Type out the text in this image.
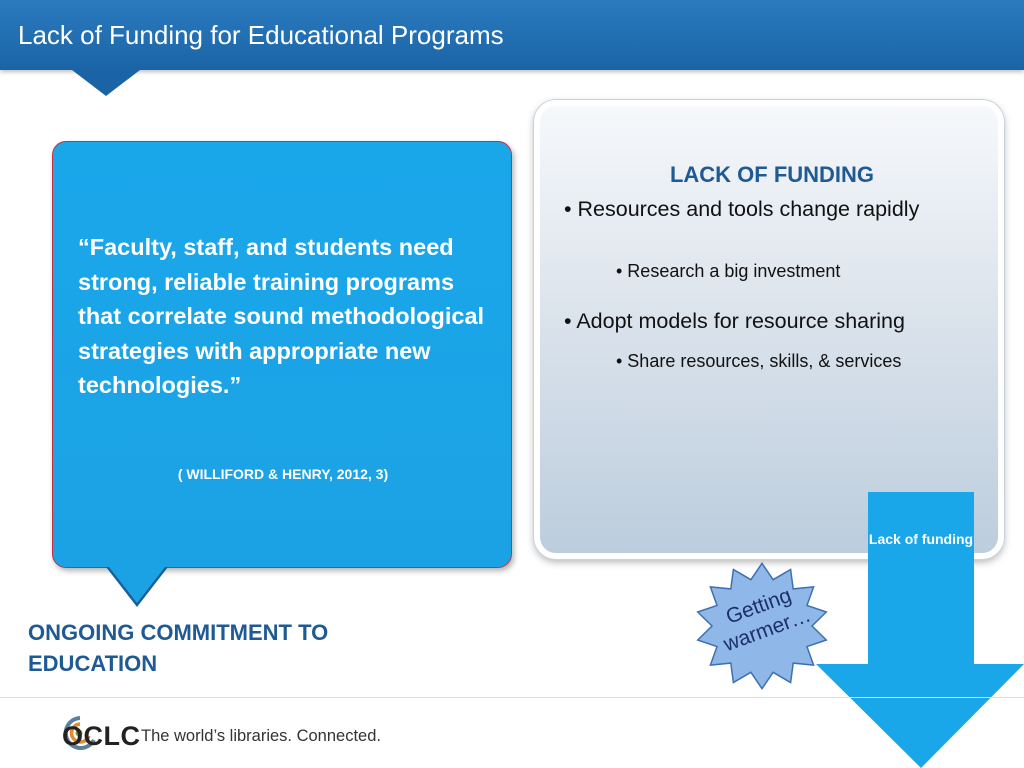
Lack of Funding for Educational Programs
“Faculty, staff, and students need strong, reliable training programs that correlate sound methodological strategies with appropriate new technologies.”
( WILLIFORD & HENRY, 2012, 3)
ONGOING COMMITMENT TO EDUCATION
LACK OF FUNDING
• Resources and tools change rapidly
• Research a big investment
• Adopt models for resource sharing
• Share resources, skills, & services
Lack of funding
Getting warmer…
OCLC The world’s libraries. Connected.
